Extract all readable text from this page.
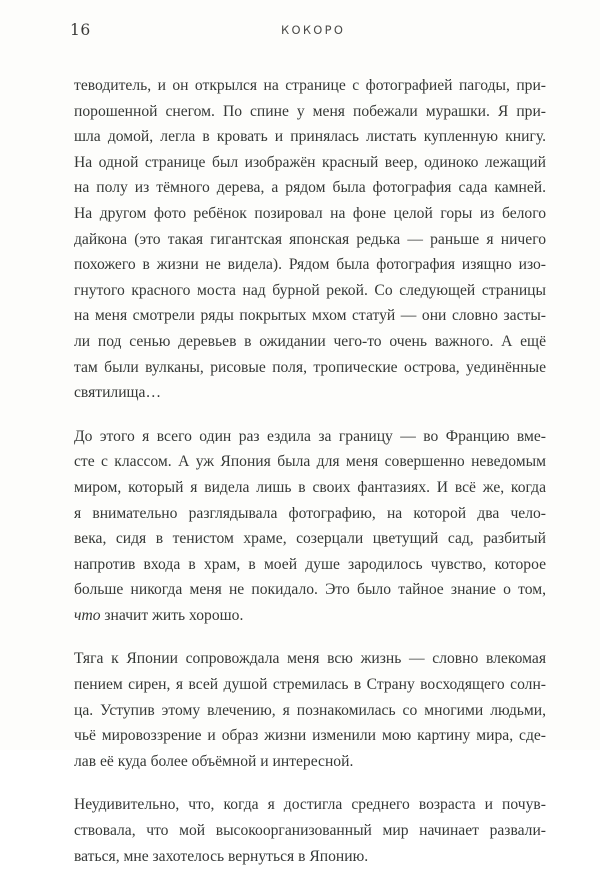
16	КОКОРО

теводитель, и он открылся на странице с фотографией пагоды, при-
порошенной снегом. По спине у меня побежали мурашки. Я при-
шла домой, легла в кровать и принялась листать купленную книгу.
На одной странице был изображён красный веер, одиноко лежащий
на полу из тёмного дерева, а рядом была фотография сада камней.
На другом фото ребёнок позировал на фоне целой горы из белого
дайкона (это такая гигантская японская редька — раньше я ничего
похожего в жизни не видела). Рядом была фотография изящно изо-
гнутого красного моста над бурной рекой. Со следующей страницы
на меня смотрели ряды покрытых мхом статуй — они словно засты-
ли под сенью деревьев в ожидании чего-то очень важного. А ещё
там были вулканы, рисовые поля, тропические острова, уединённые
святилища…

До этого я всего один раз ездила за границу — во Францию вме-
сте с классом. А уж Япония была для меня совершенно неведомым
миром, который я видела лишь в своих фантазиях. И всё же, когда
я внимательно разглядывала фотографию, на которой два чело-
века, сидя в тенистом храме, созерцали цветущий сад, разбитый
напротив входа в храм, в моей душе зародилось чувство, которое
больше никогда меня не покидало. Это было тайное знание о том,
что значит жить хорошо.

Тяга к Японии сопровождала меня всю жизнь — словно влекомая
пением сирен, я всей душой стремилась в Страну восходящего солн-
ца. Уступив этому влечению, я познакомилась со многими людьми,
чьё мировоззрение и образ жизни изменили мою картину мира, сде-
лав её куда более объёмной и интересной.

Неудивительно, что, когда я достигла среднего возраста и почув-
ствовала, что мой высокоорганизованный мир начинает развали-
ваться, мне захотелось вернуться в Японию.
